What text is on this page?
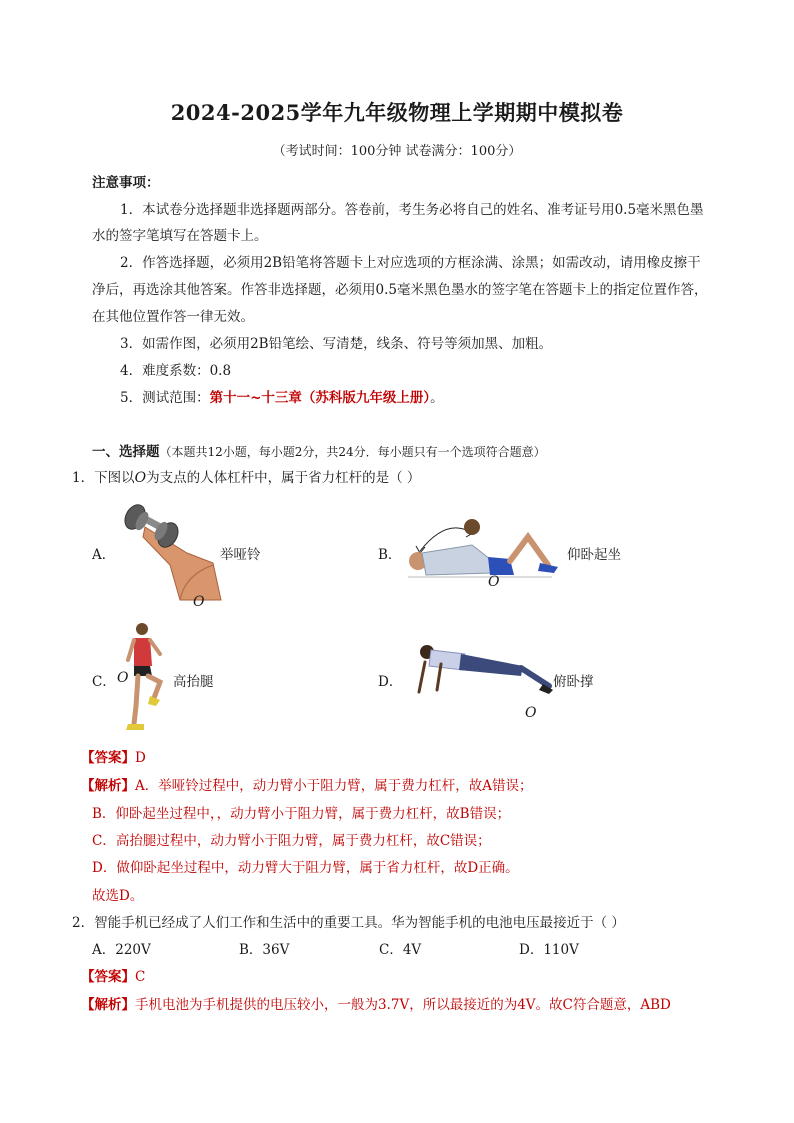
2024-2025学年九年级物理上学期期中模拟卷
（考试时间：100分钟 试卷满分：100分）
注意事项：
1．本试卷分选择题非选择题两部分。答卷前，考生务必将自己的姓名、准考证号用0.5毫米黑色墨
水的签字笔填写在答题卡上。
2．作答选择题，必须用2B铅笔将答题卡上对应选项的方框涂满、涂黑；如需改动，请用橡皮擦干
净后，再选涂其他答案。作答非选择题，必须用0.5毫米黑色墨水的签字笔在答题卡上的指定位置作答，
在其他位置作答一律无效。
3．如需作图，必须用2B铅笔绘、写清楚，线条、符号等须加黑、加粗。
4．难度系数：0.8
5．测试范围：第十一~十三章（苏科版九年级上册）。
一、选择题（本题共12小题，每小题2分，共24分．每小题只有一个选项符合题意）
1．下图以O为支点的人体杠杆中，属于省力杠杆的是（ ）
A．	举哑铃
O
B．	仰卧起坐
O
C． O	高抬腿	D．	俯卧撑
O
【答案】D
【解析】A．举哑铃过程中，动力臂小于阻力臂，属于费力杠杆，故A错误；
B．仰卧起坐过程中，，动力臂小于阻力臂，属于费力杠杆，故B错误；
C．高抬腿过程中，动力臂小于阻力臂，属于费力杠杆，故C错误；
D．做仰卧起坐过程中，动力臂大于阻力臂，属于省力杠杆，故D正确。
故选D。
2．智能手机已经成了人们工作和生活中的重要工具。华为智能手机的电池电压最接近于（ ）
A．220V	B．36V	C．4V	D．110V
【答案】C
【解析】手机电池为手机提供的电压较小，一般为3.7V，所以最接近的为4V。故C符合题意，ABD
